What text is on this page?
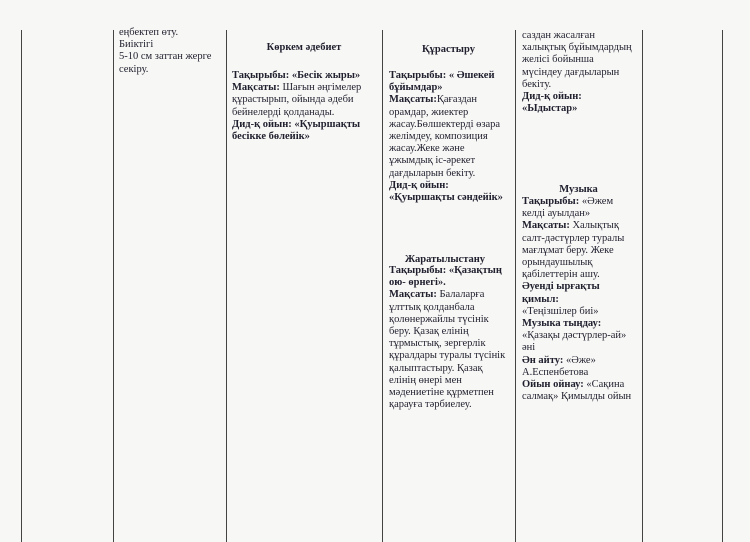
еңбектеп өту.
Биіктігі
5-10 см заттан жерге
секіру.
Көркем әдебиет
Тақырыбы: «Бесік жыры»
Мақсаты: Шағын әңгімелер
құрастырып, ойында әдеби
бейнелерді қолданады.
Дид-қ ойын: «Қуыршақты
бесікке бөлейік»
Құрастыру
Тақырыбы: « Әшекей
бұйымдар»
Мақсаты:Қағаздан
орамдар, жиектер
жасау.Бөлшектерді өзара
желімдеу, композиция
жасау.Жеке және
ұжымдық іс-әрекет
дағдыларын бекіту.
Дид-қ ойын:
«Қуыршақты сәндейік»
Жаратылыстану
Тақырыбы: «Қазақтың
ою- өрнегі».
Мақсаты: Балаларға
ұлттық қолданбала
қолөнержайлы түсінік
беру. Қазақ елінің
тұрмыстық, зергерлік
құралдары туралы түсінік
қалыптастыру. Қазақ
елінің өнері мен
мәдениетіне құрметпен
қарауға тәрбиелеу.
саздан жасалған
халықтық бұйымдардың
желісі бойынша
мүсіндеу дағдыларын
бекіту.
Дид-қ ойын:
«Ыдыстар»
Музыка
Тақырыбы: «Әжем
келді ауылдан»
Мақсаты: Халықтық
салт-дәстүрлер туралы
мағлұмат беру. Жеке
орындаушылық
қабілеттерін ашу.
Әуенді ырғақты
қимыл:
«Теңізшілер биі»
Музыка тыңдау:
«Қазақы дәстүрлер-ай»
әні
Ән айту: «Әже»
А.Еспенбетова
Ойын ойнау: «Сақина
салмақ» Қимылды ойын
